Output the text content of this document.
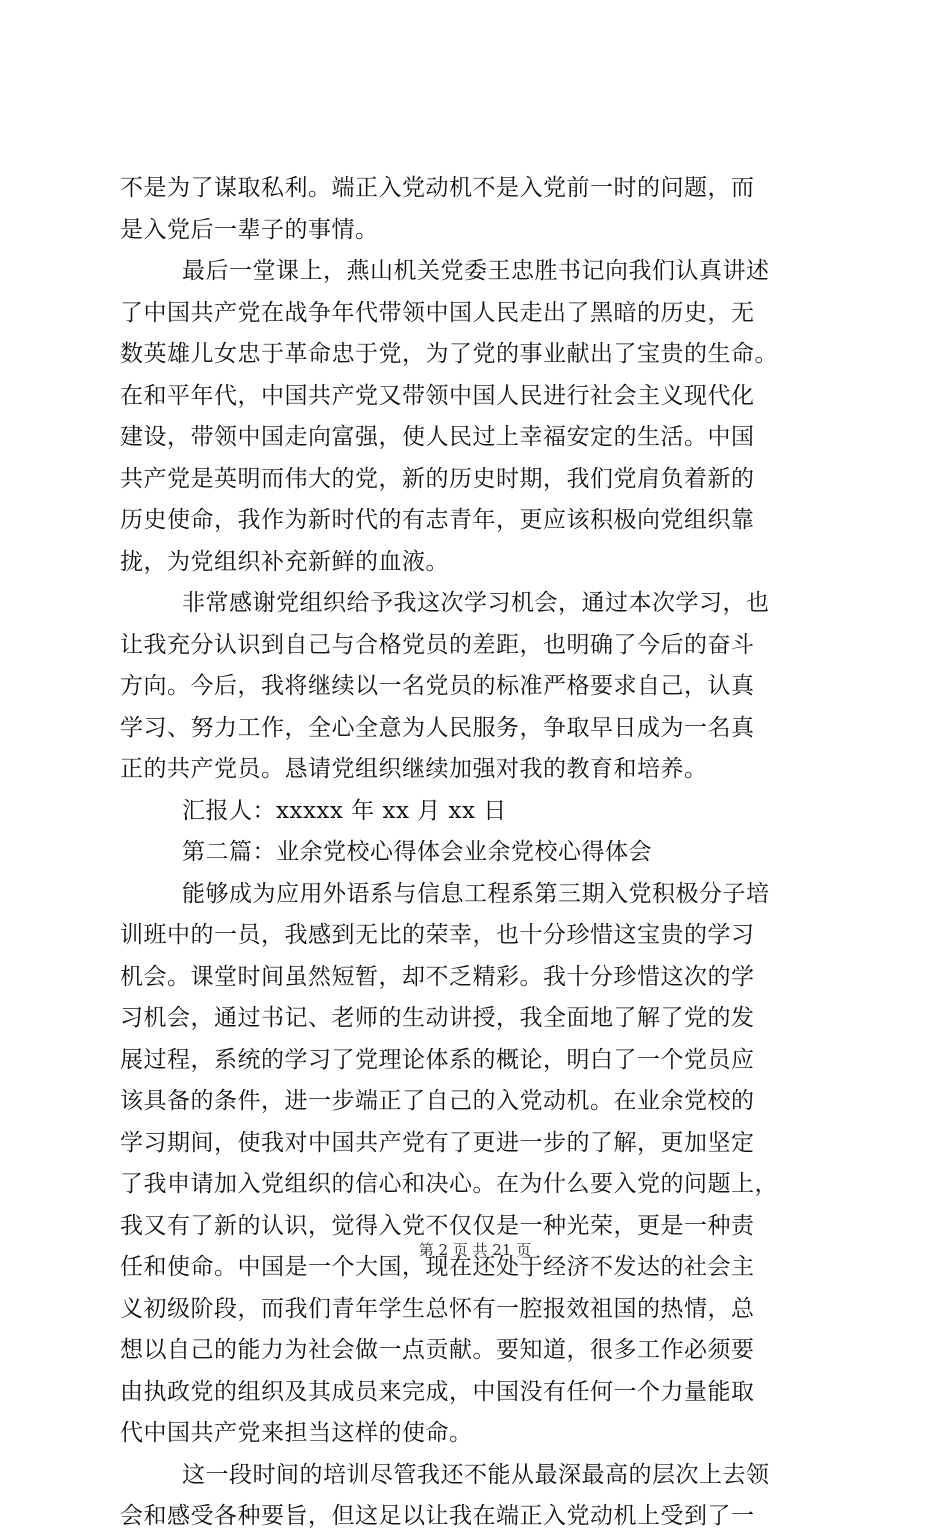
不是为了谋取私利。端正入党动机不是入党前一时的问题，而
是入党后一辈子的事情。
最后一堂课上，燕山机关党委王忠胜书记向我们认真讲述
了中国共产党在战争年代带领中国人民走出了黑暗的历史，无
数英雄儿女忠于革命忠于党，为了党的事业献出了宝贵的生命。
在和平年代，中国共产党又带领中国人民进行社会主义现代化
建设，带领中国走向富强，使人民过上幸福安定的生活。中国
共产党是英明而伟大的党，新的历史时期，我们党肩负着新的
历史使命，我作为新时代的有志青年，更应该积极向党组织靠
拢，为党组织补充新鲜的血液。
非常感谢党组织给予我这次学习机会，通过本次学习，也
让我充分认识到自己与合格党员的差距，也明确了今后的奋斗
方向。今后，我将继续以一名党员的标准严格要求自己，认真
学习、努力工作，全心全意为人民服务，争取早日成为一名真
正的共产党员。恳请党组织继续加强对我的教育和培养。
汇报人：xxxxx 年 xx 月 xx 日
第二篇：业余党校心得体会业余党校心得体会
能够成为应用外语系与信息工程系第三期入党积极分子培
训班中的一员，我感到无比的荣幸，也十分珍惜这宝贵的学习
机会。课堂时间虽然短暂，却不乏精彩。我十分珍惜这次的学
习机会，通过书记、老师的生动讲授，我全面地了解了党的发
展过程，系统的学习了党理论体系的概论，明白了一个党员应
该具备的条件，进一步端正了自己的入党动机。在业余党校的
学习期间，使我对中国共产党有了更进一步的了解，更加坚定
了我申请加入党组织的信心和决心。在为什么要入党的问题上，
我又有了新的认识，觉得入党不仅仅是一种光荣，更是一种责
任和使命。中国是一个大国，现在还处于经济不发达的社会主
义初级阶段，而我们青年学生总怀有一腔报效祖国的热情，总
想以自己的能力为社会做一点贡献。要知道，很多工作必须要
由执政党的组织及其成员来完成，中国没有任何一个力量能取
代中国共产党来担当这样的使命。
这一段时间的培训尽管我还不能从最深最高的层次上去领
会和感受各种要旨，但这足以让我在端正入党动机上受到了一
第 2 页 共 21 页
